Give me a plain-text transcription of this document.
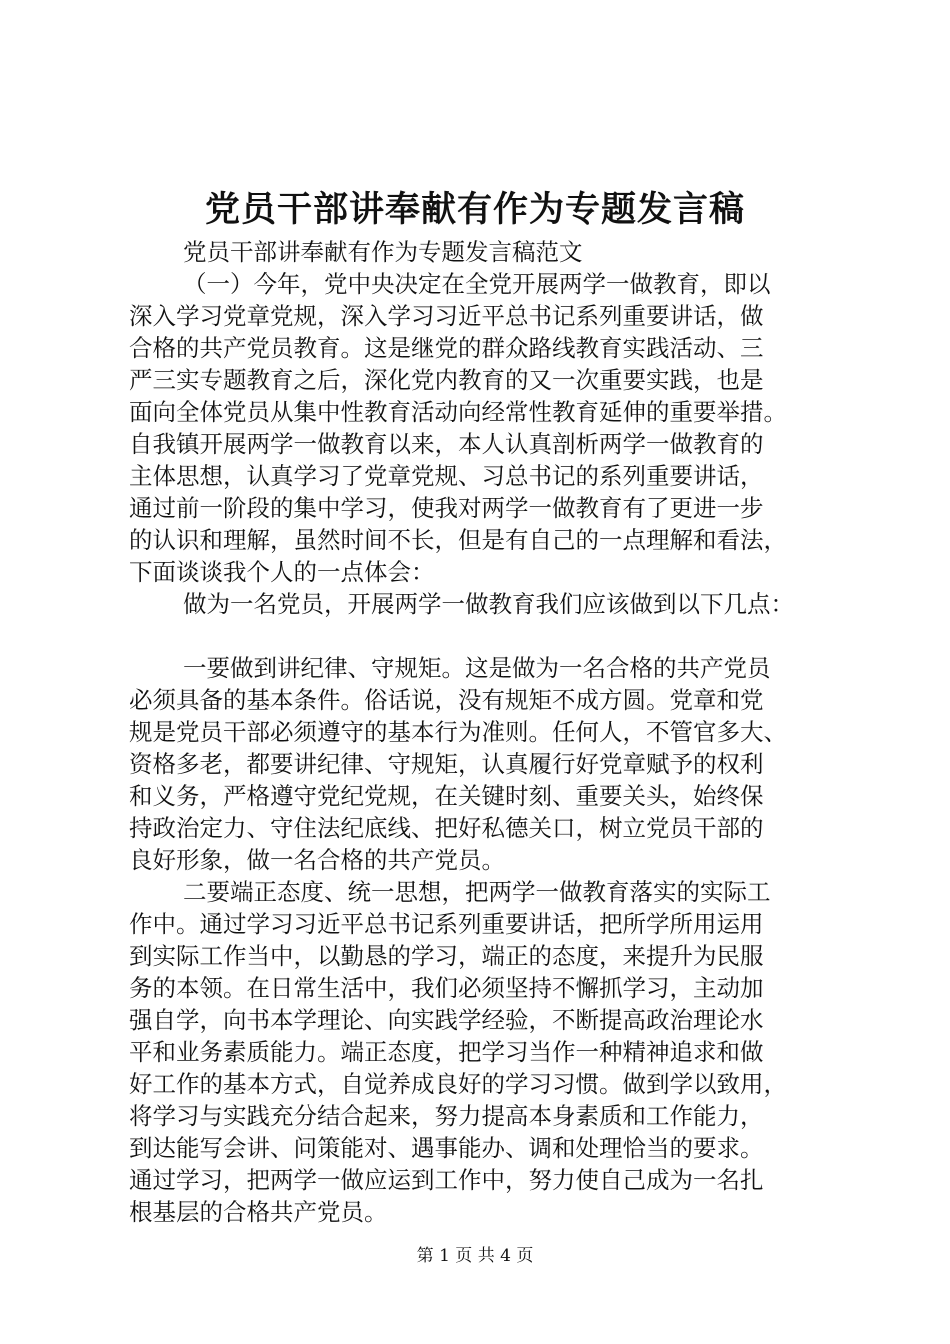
党员干部讲奉献有作为专题发言稿
党员干部讲奉献有作为专题发言稿范文
（一）今年，党中央决定在全党开展两学一做教育，即以
深入学习党章党规，深入学习习近平总书记系列重要讲话，做
合格的共产党员教育。这是继党的群众路线教育实践活动、三
严三实专题教育之后，深化党内教育的又一次重要实践，也是
面向全体党员从集中性教育活动向经常性教育延伸的重要举措。
自我镇开展两学一做教育以来，本人认真剖析两学一做教育的
主体思想，认真学习了党章党规、习总书记的系列重要讲话，
通过前一阶段的集中学习，使我对两学一做教育有了更进一步
的认识和理解，虽然时间不长，但是有自己的一点理解和看法，
下面谈谈我个人的一点体会：
做为一名党员，开展两学一做教育我们应该做到以下几点：
一要做到讲纪律、守规矩。这是做为一名合格的共产党员
必须具备的基本条件。俗话说，没有规矩不成方圆。党章和党
规是党员干部必须遵守的基本行为准则。任何人，不管官多大、
资格多老，都要讲纪律、守规矩，认真履行好党章赋予的权利
和义务，严格遵守党纪党规，在关键时刻、重要关头，始终保
持政治定力、守住法纪底线、把好私德关口，树立党员干部的
良好形象，做一名合格的共产党员。
二要端正态度、统一思想，把两学一做教育落实的实际工
作中。通过学习习近平总书记系列重要讲话，把所学所用运用
到实际工作当中，以勤恳的学习，端正的态度，来提升为民服
务的本领。在日常生活中，我们必须坚持不懈抓学习，主动加
强自学，向书本学理论、向实践学经验，不断提高政治理论水
平和业务素质能力。端正态度，把学习当作一种精神追求和做
好工作的基本方式，自觉养成良好的学习习惯。做到学以致用，
将学习与实践充分结合起来，努力提高本身素质和工作能力，
到达能写会讲、问策能对、遇事能办、调和处理恰当的要求。
通过学习，把两学一做应运到工作中，努力使自己成为一名扎
根基层的合格共产党员。
第 1 页 共 4 页
